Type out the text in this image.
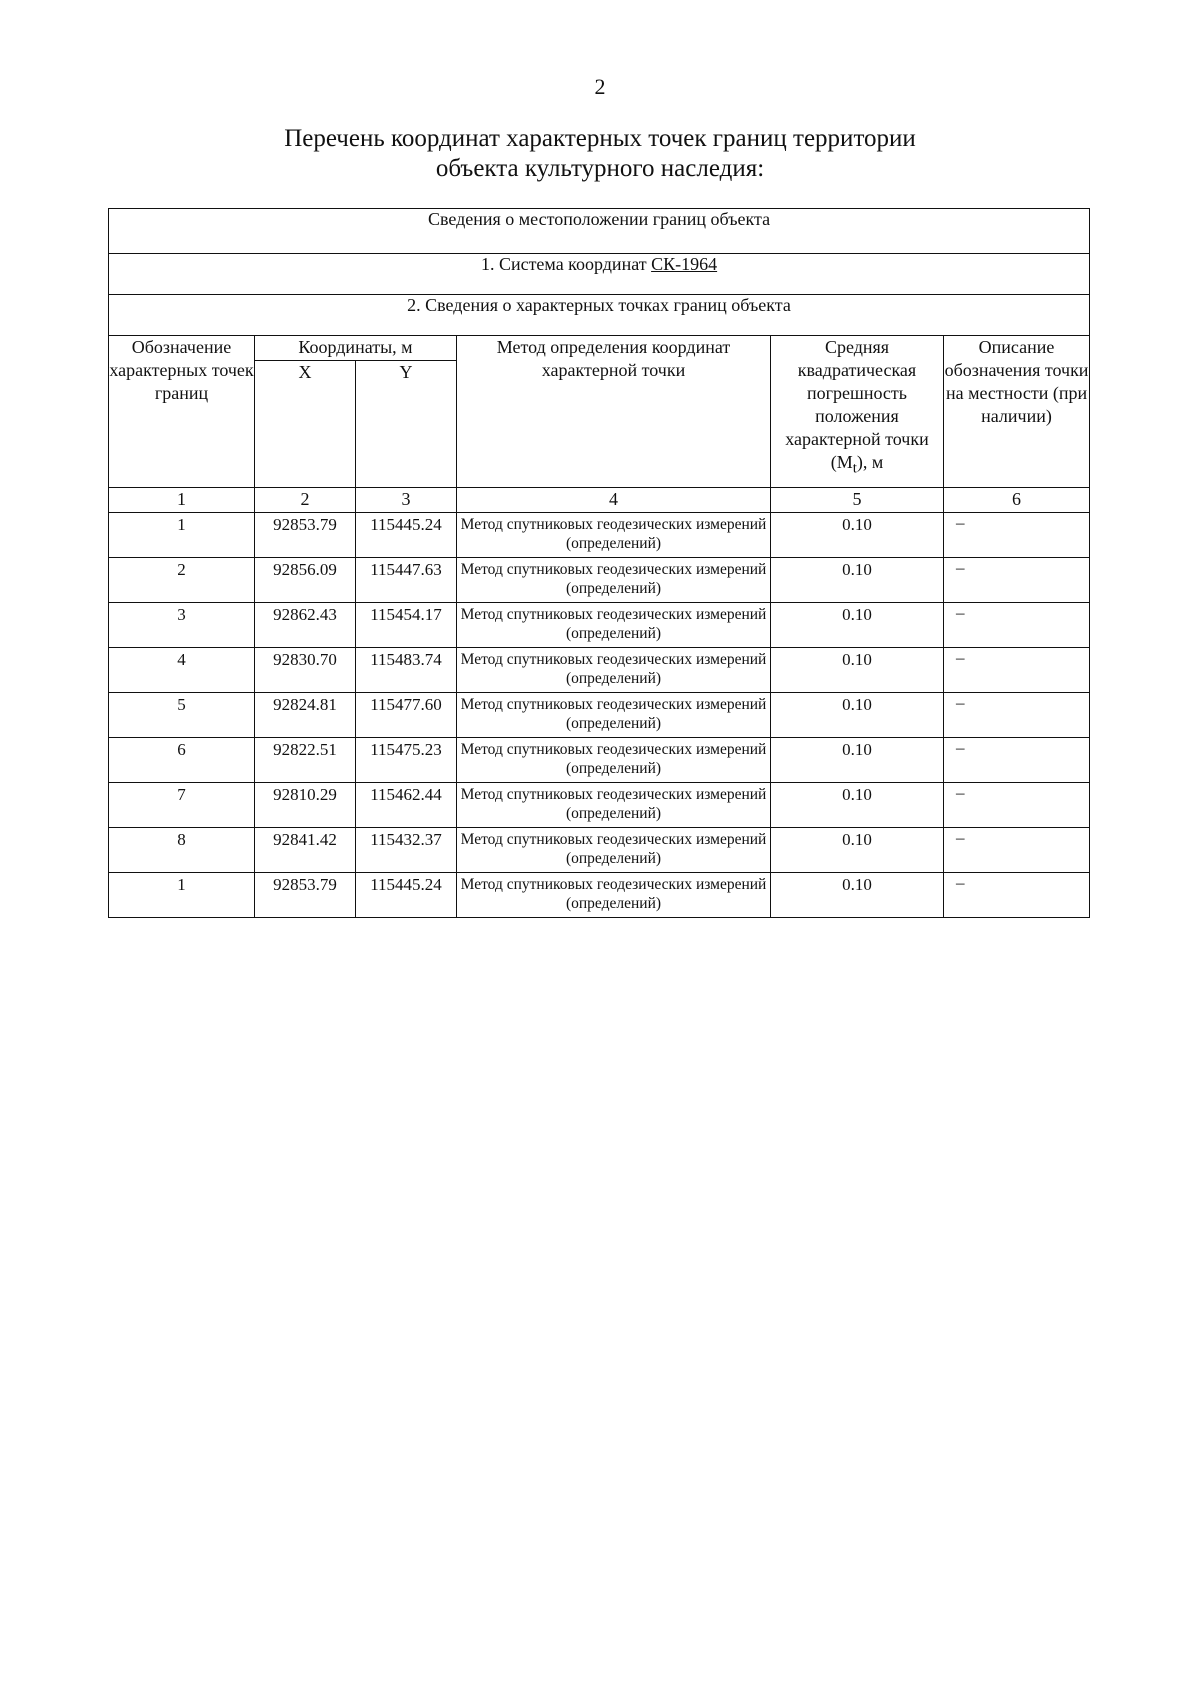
2
Перечень координат характерных точек границ территории
объекта культурного наследия:
Сведения о местоположении границ объекта					
1. Система координат СК-1964					
2. Сведения о характерных точках границ объекта					
Обозначение характерных точек границ	Координаты, м		Метод определения координат характерной точки	Средняя квадратическая погрешность положения характерной точки $(M_t)$, м	Описание обозначения точки на местности (при наличии)
	X	Y			
1	2	3	4	5	6
1	92853.79	115445.24	Метод спутниковых геодезических измерений (определений)	0.10	–
2	92856.09	115447.63	Метод спутниковых геодезических измерений (определений)	0.10	–
3	92862.43	115454.17	Метод спутниковых геодезических измерений (определений)	0.10	–
4	92830.70	115483.74	Метод спутниковых геодезических измерений (определений)	0.10	–
5	92824.81	115477.60	Метод спутниковых геодезических измерений (определений)	0.10	–
6	92822.51	115475.23	Метод спутниковых геодезических измерений (определений)	0.10	–
7	92810.29	115462.44	Метод спутниковых геодезических измерений (определений)	0.10	–
8	92841.42	115432.37	Метод спутниковых геодезических измерений (определений)	0.10	–
1	92853.79	115445.24	Метод спутниковых геодезических измерений (определений)	0.10	–
